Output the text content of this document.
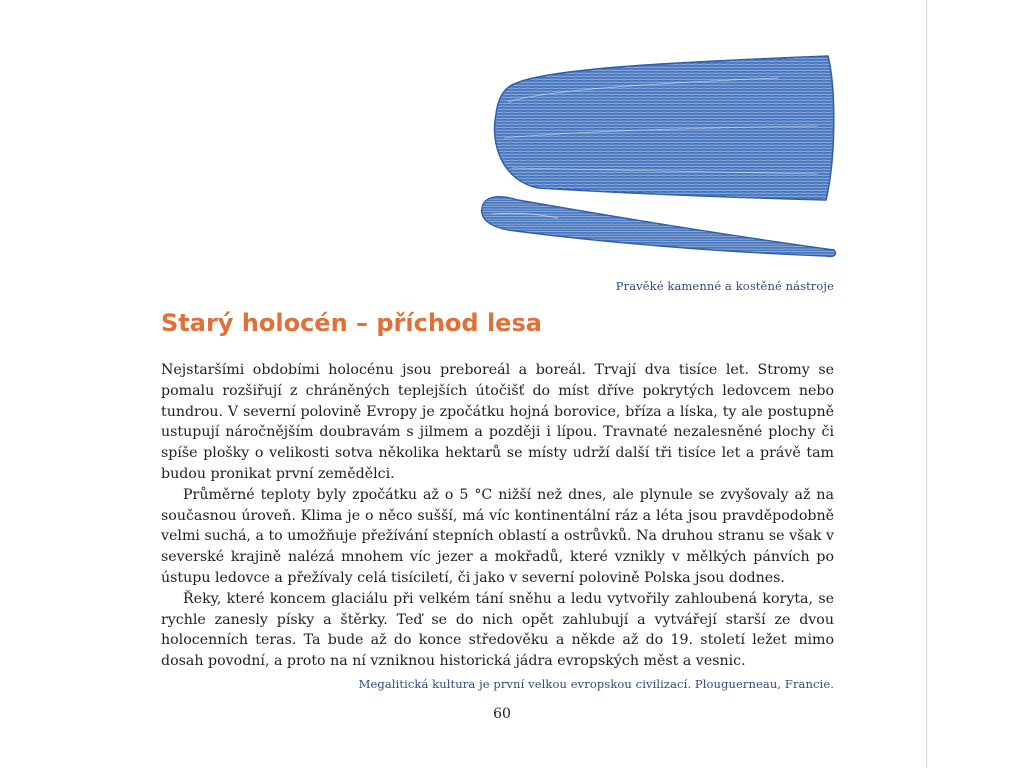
Pravěké kamenné a kostěné nástroje
Starý holocén – příchod lesa

Nejstaršími obdobími holocénu jsou preboreál a boreál. Trvají dva tisíce let. Stromy se pomalu rozšiřují z chráněných teplejších útočišť do míst dříve pokrytých ledovcem nebo tundrou. V severní polovině Evropy je zpočátku hojná borovice, bříza a líska, ty ale postupně ustupují náročnějším doubravám s jilmem a později i lípou. Travnaté nezalesněné plochy či spíše plošky o velikosti sotva několika hektarů se místy udrží další tři tisíce let a právě tam budou pronikat první zemědělci.

Průměrné teploty byly zpočátku až o 5 °C nižší než dnes, ale plynule se zvyšovaly až na současnou úroveň. Klima je o něco sušší, má víc kontinentální ráz a léta jsou pravděpodobně velmi suchá, a to umožňuje přežívání stepních oblastí a ostrůvků. Na druhou stranu se však v severské krajině nalézá mnohem víc jezer a mokřadů, které vznikly v mělkých pánvích po ústupu ledovce a přežívaly celá tisíciletí, či jako v severní polovině Polska jsou dodnes.

Řeky, které koncem glaciálu při velkém tání sněhu a ledu vytvořily zahloubená koryta, se rychle zanesly písky a štěrky. Teď se do nich opět zahlubují a vytvářejí starší ze dvou holocenních teras. Ta bude až do konce středověku a někde až do 19. století ležet mimo dosah povodní, a proto na ní vzniknou historická jádra evropských měst a vesnic.

Megalitická kultura je první velkou evropskou civilizací. Plouguerneau, Francie.
60
